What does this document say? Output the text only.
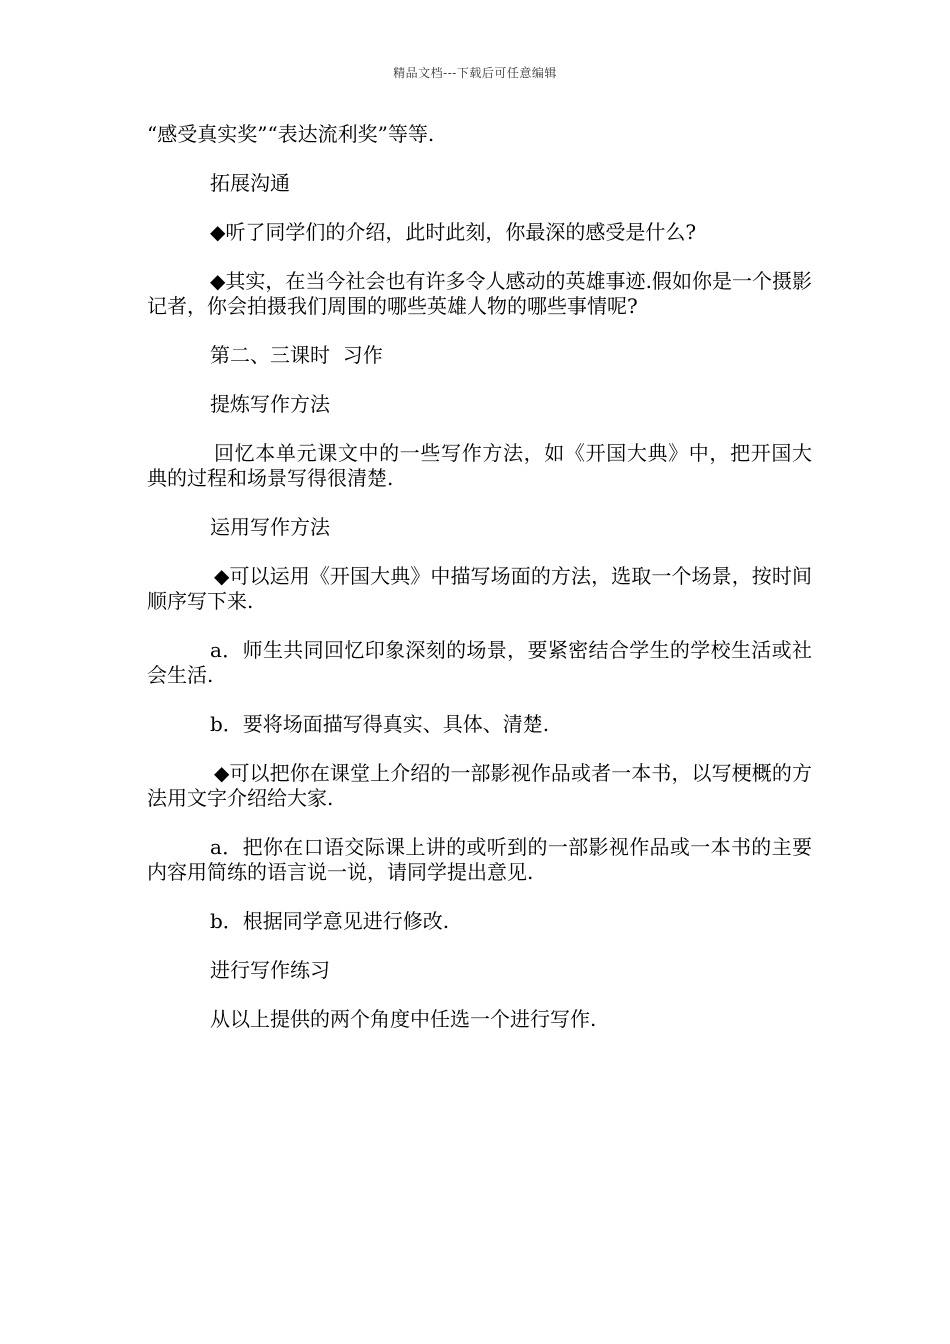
精品文档---下载后可任意编辑

“感受真实奖”“表达流利奖”等等.

拓展沟通

◆听了同学们的介绍，此时此刻，你最深的感受是什么?

◆其实，在当今社会也有许多令人感动的英雄事迹.假如你是一个摄影记者，你会拍摄我们周围的哪些英雄人物的哪些事情呢?

第二、三课时  习作

提炼写作方法

回忆本单元课文中的一些写作方法，如《开国大典》中，把开国大典的过程和场景写得很清楚.

运用写作方法

◆可以运用《开国大典》中描写场面的方法，选取一个场景，按时间顺序写下来.

a．师生共同回忆印象深刻的场景，要紧密结合学生的学校生活或社会生活.

b．要将场面描写得真实、具体、清楚.

◆可以把你在课堂上介绍的一部影视作品或者一本书，以写梗概的方法用文字介绍给大家.

a．把你在口语交际课上讲的或听到的一部影视作品或一本书的主要内容用简练的语言说一说，请同学提出意见.

b．根据同学意见进行修改.

进行写作练习

从以上提供的两个角度中任选一个进行写作.
